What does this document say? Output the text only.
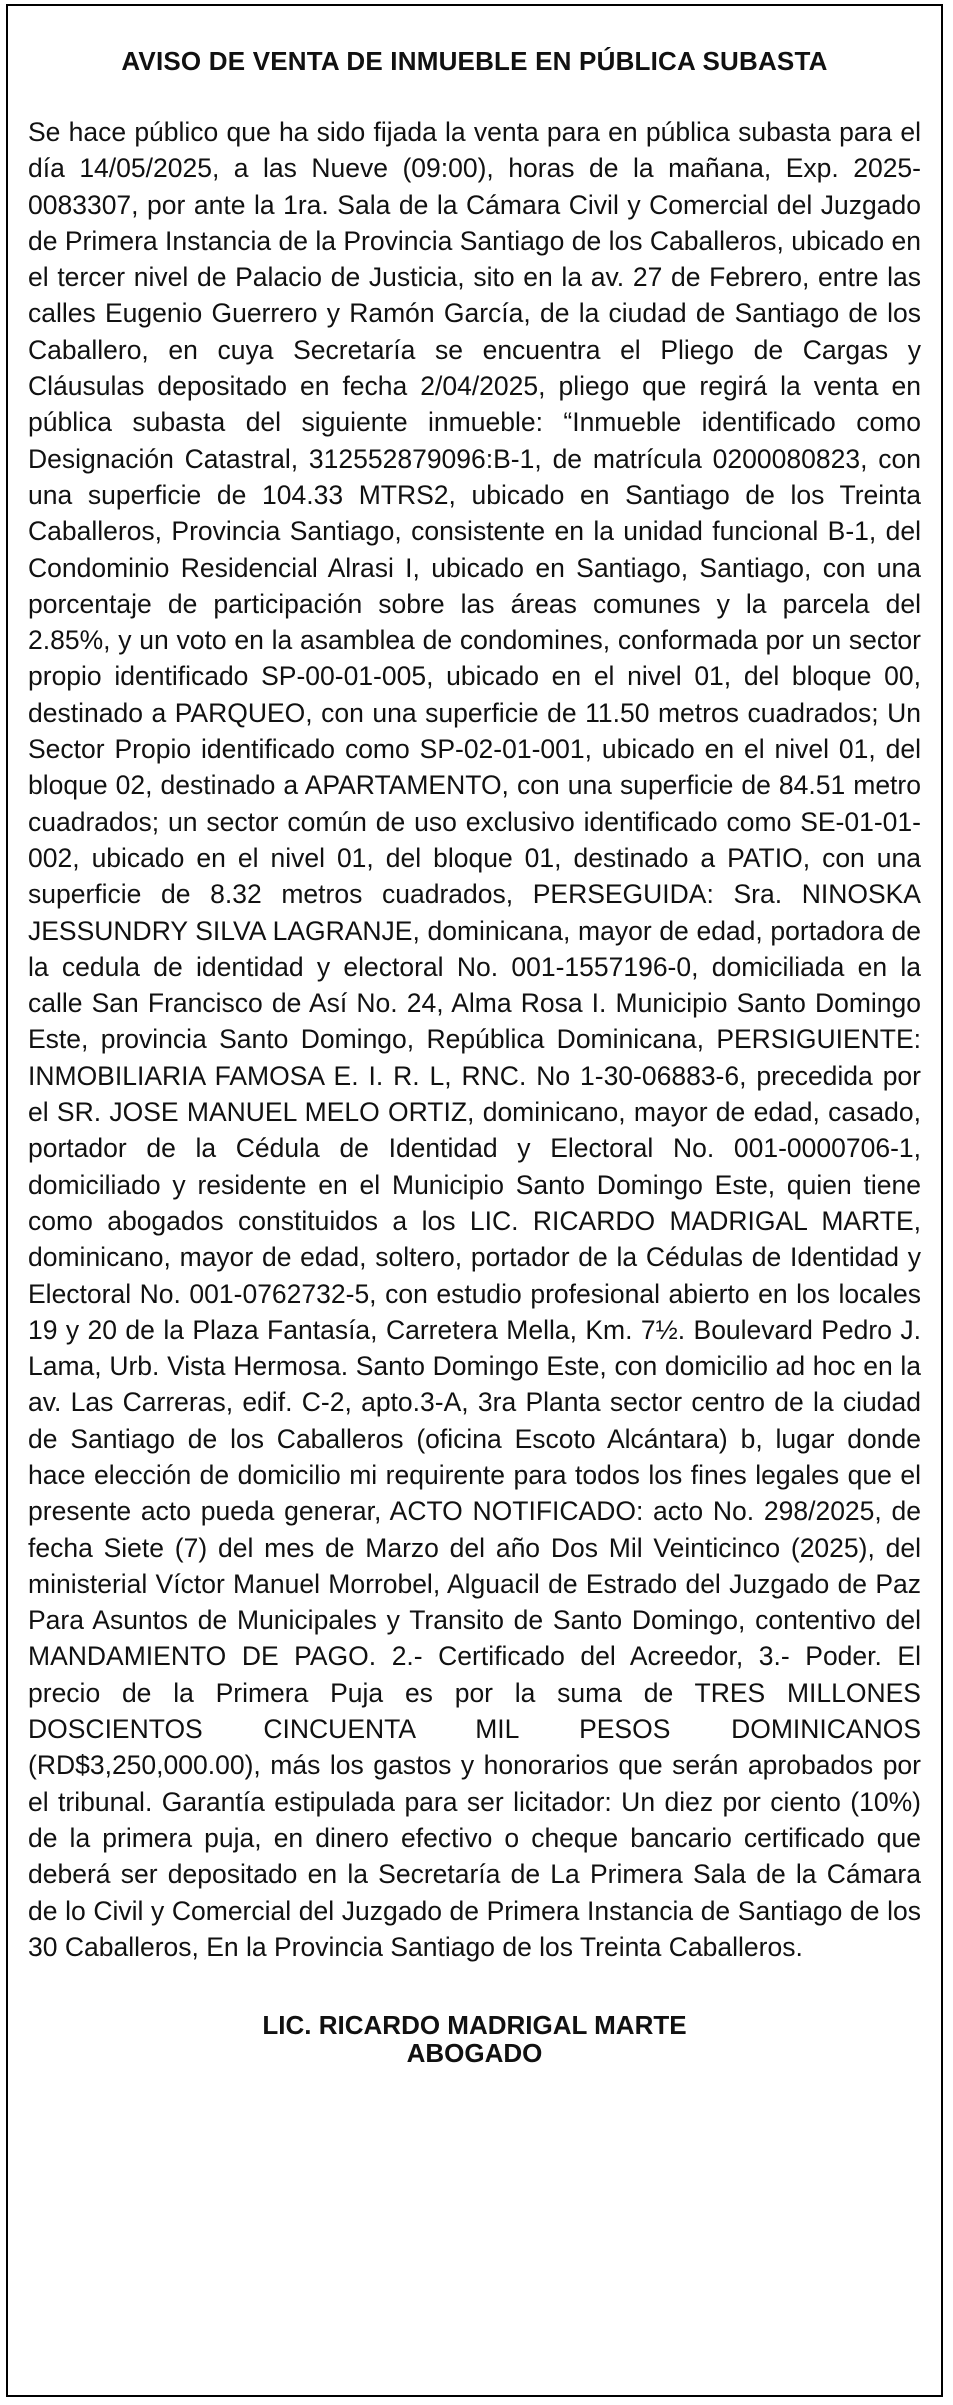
AVISO DE VENTA DE INMUEBLE EN PÚBLICA SUBASTA
Se hace público que ha sido fijada la venta para en pública subasta para el día 14/05/2025, a las Nueve (09:00), horas de la mañana, Exp. 2025-0083307, por ante la 1ra. Sala de la Cámara Civil y Comercial del Juzgado de Primera Instancia de la Provincia Santiago de los Caballeros, ubicado en el tercer nivel de Palacio de Justicia, sito en la av. 27 de Febrero, entre las calles Eugenio Guerrero y Ramón García, de la ciudad de Santiago de los Caballero, en cuya Secretaría se encuentra el Pliego de Cargas y Cláusulas depositado en fecha 2/04/2025, pliego que regirá la venta en pública subasta del siguiente inmueble: “Inmueble identificado como Designación Catastral, 312552879096:B-1, de matrícula 0200080823, con una superficie de 104.33 MTRS2, ubicado en Santiago de los Treinta Caballeros, Provincia Santiago, consistente en la unidad funcional B-1, del Condominio Residencial Alrasi I, ubicado en Santiago, Santiago, con una porcentaje de participación sobre las áreas comunes y la parcela del 2.85%, y un voto en la asamblea de condomines, conformada por un sector propio identificado SP-00-01-005, ubicado en el nivel 01, del bloque 00, destinado a PARQUEO, con una superficie de 11.50 metros cuadrados; Un Sector Propio identificado como SP-02-01-001, ubicado en el nivel 01, del bloque 02, destinado a APARTAMENTO, con una superficie de 84.51 metro cuadrados; un sector común de uso exclusivo identificado como SE-01-01-002, ubicado en el nivel 01, del bloque 01, destinado a PATIO, con una superficie de 8.32 metros cuadrados, PERSEGUIDA: Sra. NINOSKA JESSUNDRY SILVA LAGRANJE, dominicana, mayor de edad, portadora de la cedula de identidad y electoral No. 001-1557196-0, domiciliada en la calle San Francisco de Así No. 24, Alma Rosa I. Municipio Santo Domingo Este, provincia Santo Domingo, República Dominicana, PERSIGUIENTE: INMOBILIARIA FAMOSA E. I. R. L, RNC. No 1-30-06883-6, precedida por el SR. JOSE MANUEL MELO ORTIZ, dominicano, mayor de edad, casado, portador de la Cédula de Identidad y Electoral No. 001-0000706-1, domiciliado y residente en el Municipio Santo Domingo Este, quien tiene como abogados constituidos a los LIC. RICARDO MADRIGAL MARTE, dominicano, mayor de edad, soltero, portador de la Cédulas de Identidad y Electoral No. 001-0762732-5, con estudio profesional abierto en los locales 19 y 20 de la Plaza Fantasía, Carretera Mella, Km. 7½. Boulevard Pedro J. Lama, Urb. Vista Hermosa. Santo Domingo Este, con domicilio ad hoc en la av. Las Carreras, edif. C-2, apto.3-A, 3ra Planta sector centro de la ciudad de Santiago de los Caballeros (oficina Escoto Alcántara) b, lugar donde hace elección de domicilio mi requirente para todos los fines legales que el presente acto pueda generar, ACTO NOTIFICADO: acto No. 298/2025, de fecha Siete (7) del mes de Marzo del año Dos Mil Veinticinco (2025), del ministerial Víctor Manuel Morrobel, Alguacil de Estrado del Juzgado de Paz Para Asuntos de Municipales y Transito de Santo Domingo, contentivo del MANDAMIENTO DE PAGO. 2.- Certificado del Acreedor, 3.- Poder. El precio de la Primera Puja es por la suma de TRES MILLONES DOSCIENTOS CINCUENTA MIL PESOS DOMINICANOS (RD$3,250,000.00), más los gastos y honorarios que serán aprobados por el tribunal. Garantía estipulada para ser licitador: Un diez por ciento (10%) de la primera puja, en dinero efectivo o cheque bancario certificado que deberá ser depositado en la Secretaría de La Primera Sala de la Cámara de lo Civil y Comercial del Juzgado de Primera Instancia de Santiago de los 30 Caballeros, En la Provincia Santiago de los Treinta Caballeros.
LIC. RICARDO MADRIGAL MARTE
ABOGADO
